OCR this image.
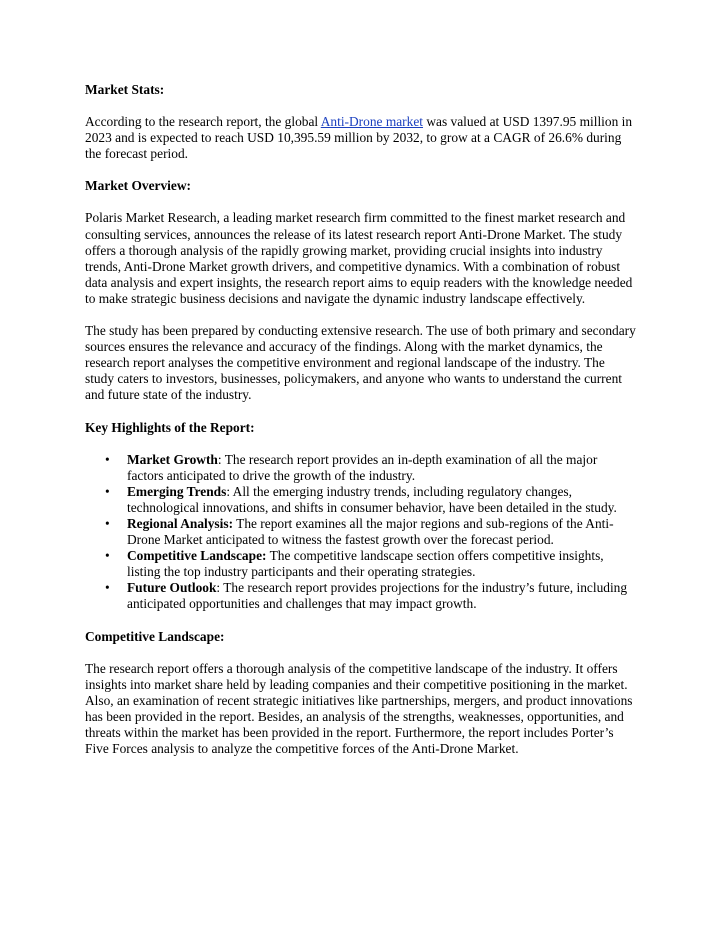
Market Stats:

According to the research report, the global Anti-Drone market was valued at USD 1397.95 million in 2023 and is expected to reach USD 10,395.59 million by 2032, to grow at a CAGR of 26.6% during the forecast period.

Market Overview:

Polaris Market Research, a leading market research firm committed to the finest market research and consulting services, announces the release of its latest research report Anti-Drone Market. The study offers a thorough analysis of the rapidly growing market, providing crucial insights into industry trends, Anti-Drone Market growth drivers, and competitive dynamics. With a combination of robust data analysis and expert insights, the research report aims to equip readers with the knowledge needed to make strategic business decisions and navigate the dynamic industry landscape effectively.

The study has been prepared by conducting extensive research. The use of both primary and secondary sources ensures the relevance and accuracy of the findings. Along with the market dynamics, the research report analyses the competitive environment and regional landscape of the industry. The study caters to investors, businesses, policymakers, and anyone who wants to understand the current and future state of the industry.

Key Highlights of the Report:

• Market Growth: The research report provides an in-depth examination of all the major factors anticipated to drive the growth of the industry.
• Emerging Trends: All the emerging industry trends, including regulatory changes, technological innovations, and shifts in consumer behavior, have been detailed in the study.
• Regional Analysis: The report examines all the major regions and sub-regions of the Anti-Drone Market anticipated to witness the fastest growth over the forecast period.
• Competitive Landscape: The competitive landscape section offers competitive insights, listing the top industry participants and their operating strategies.
• Future Outlook: The research report provides projections for the industry’s future, including anticipated opportunities and challenges that may impact growth.

Competitive Landscape:

The research report offers a thorough analysis of the competitive landscape of the industry. It offers insights into market share held by leading companies and their competitive positioning in the market. Also, an examination of recent strategic initiatives like partnerships, mergers, and product innovations has been provided in the report. Besides, an analysis of the strengths, weaknesses, opportunities, and threats within the market has been provided in the report. Furthermore, the report includes Porter’s Five Forces analysis to analyze the competitive forces of the Anti-Drone Market.
